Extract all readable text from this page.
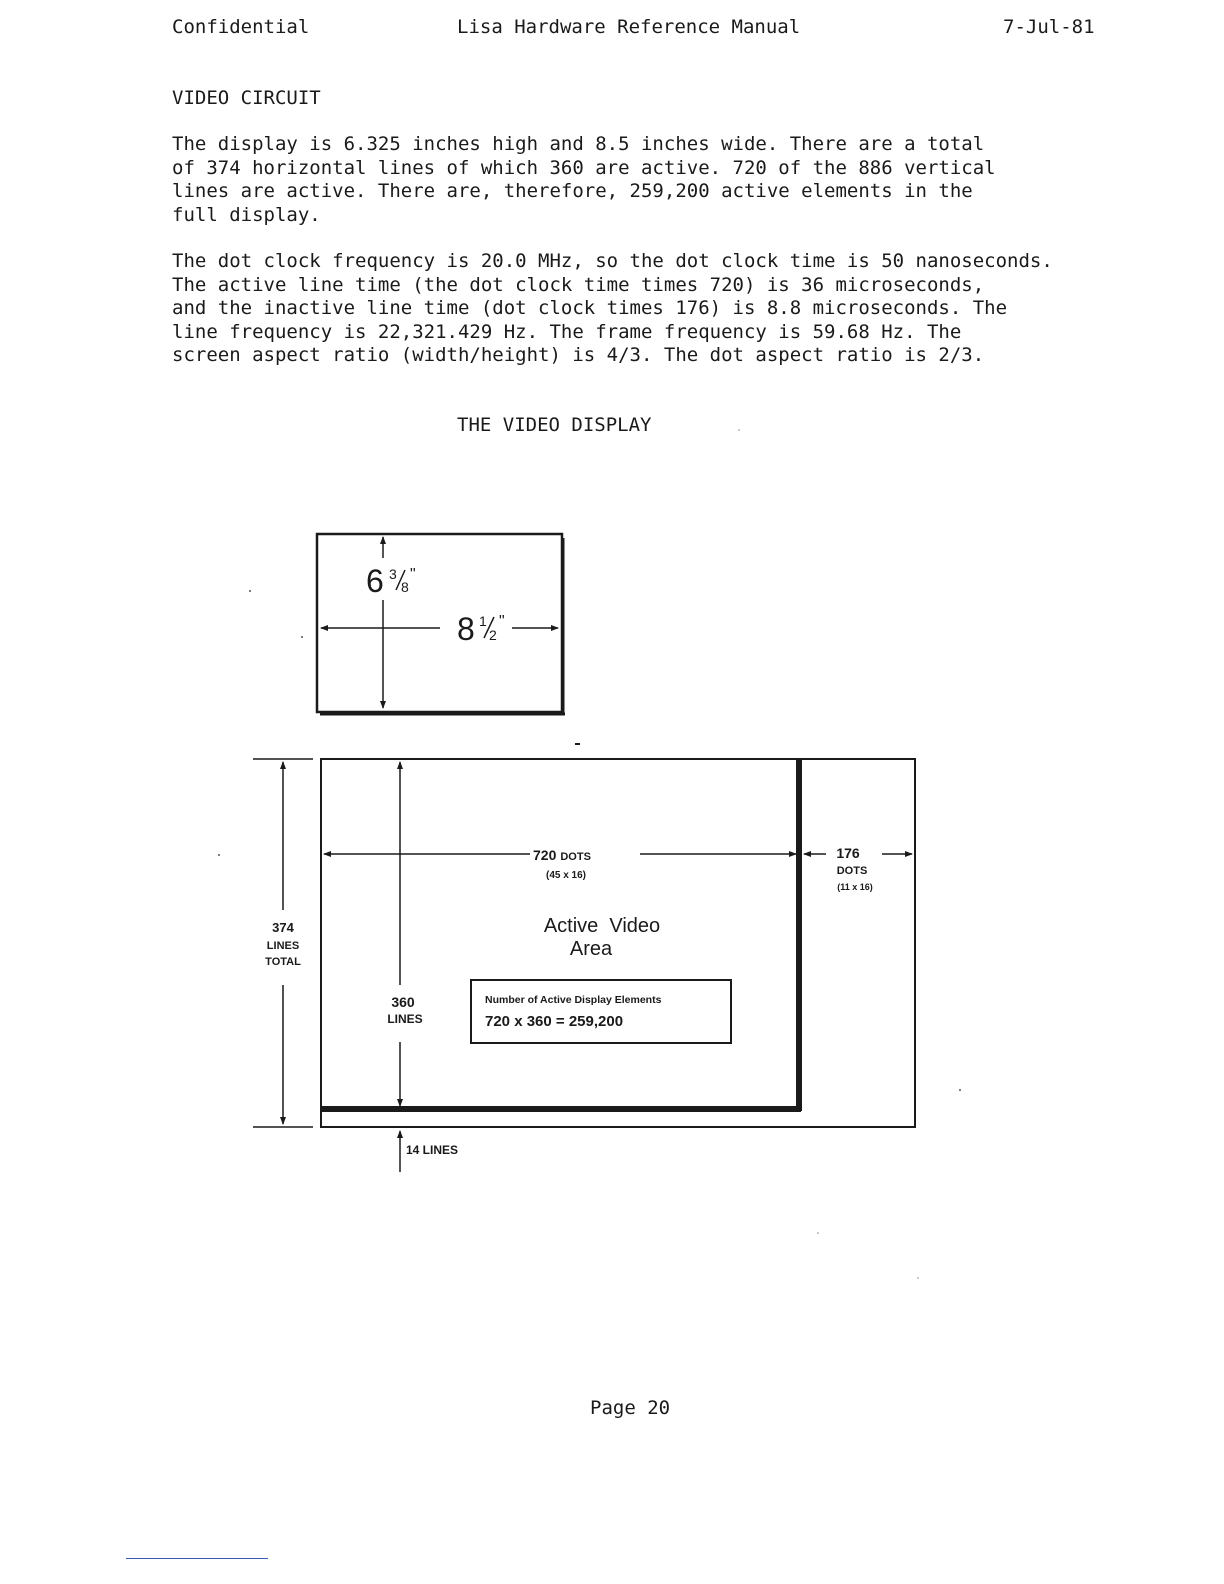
Confidential	Lisa Hardware Reference Manual	7-Jul-81
VIDEO CIRCUIT
The display is 6.325 inches high and 8.5 inches wide. There are a total
of 374 horizontal lines of which 360 are active. 720 of the 886 vertical
lines are active. There are, therefore, 259,200 active elements in the
full display.
The dot clock frequency is 20.0 MHz, so the dot clock time is 50 nanoseconds.
The active line time (the dot clock time times 720) is 36 microseconds,
and the inactive line time (dot clock times 176) is 8.8 microseconds. The
line frequency is 22,321.429 Hz. The frame frequency is 59.68 Hz. The
screen aspect ratio (width/height) is 4/3. The dot aspect ratio is 2/3.
THE VIDEO DISPLAY
6 3
8
"
8 1
2
"
374
LINES
TOTAL
360
LINES
720 DOTS
(45 x 16)
176
DOTS
(11 x 16)
Active  Video
Area
Number of Active Display Elements
720 x 360 = 259,200
14 LINES
Page 20
